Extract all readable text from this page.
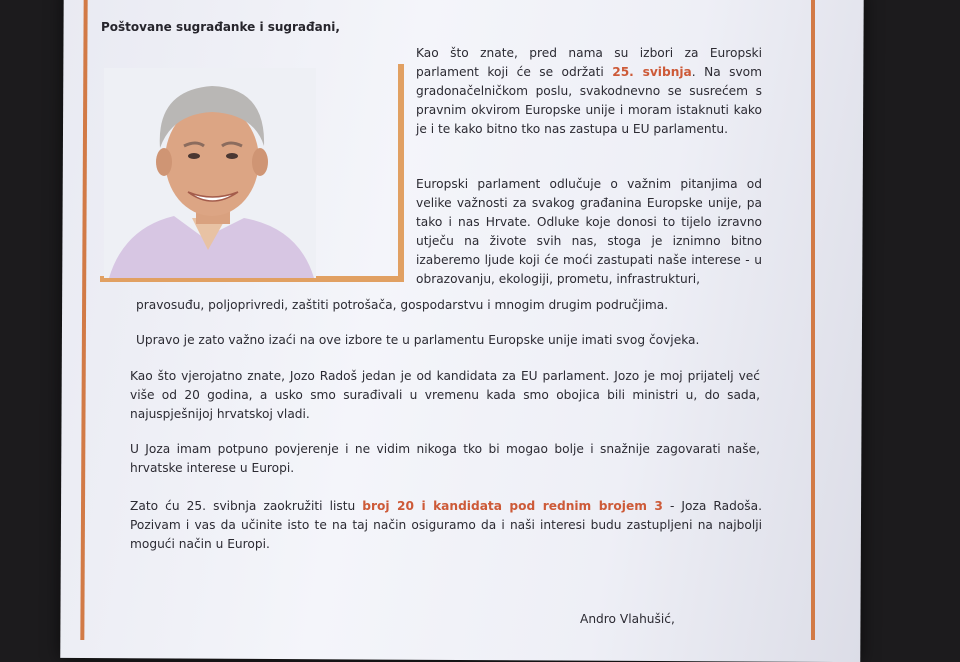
Poštovane sugrađanke i sugrađani,

Kao što znate, pred nama su izbori za Europski parlament koji će se održati 25. svibnja. Na svom gradonačelničkom poslu, svakodnevno se susrećem s pravnim okvirom Europske unije i moram istaknuti kako je i te kako bitno tko nas zastupa u EU parlamentu.

Europski parlament odlučuje o važnim pitanjima od velike važnosti za svakog građanina Europske unije, pa tako i nas Hrvate. Odluke koje donosi to tijelo izravno utječu na živote svih nas, stoga je iznimno bitno izaberemo ljude koji će moći zastupati naše interese - u obrazovanju, ekologiji, prometu, infrastrukturi,

pravosuđu, poljoprivredi, zaštiti potrošača, gospodarstvu i mnogim drugim područjima.

Upravo je zato važno izaći na ove izbore te u parlamentu Europske unije imati svog čovjeka.

Kao što vjerojatno znate, Jozo Radoš jedan je od kandidata za EU parlament. Jozo je moj prijatelj već više od 20 godina, a usko smo surađivali u vremenu kada smo obojica bili ministri u, do sada, najuspješnijoj hrvatskoj vladi.

U Joza imam potpuno povjerenje i ne vidim nikoga tko bi mogao bolje i snažnije zagovarati naše, hrvatske interese u Europi.

Zato ću 25. svibnja zaokružiti listu broj 20 i kandidata pod rednim brojem 3 - Joza Radoša. Pozivam i vas da učinite isto te na taj način osiguramo da i naši interesi budu zastupljeni na najbolji mogući način u Europi.

Andro Vlahušić,
